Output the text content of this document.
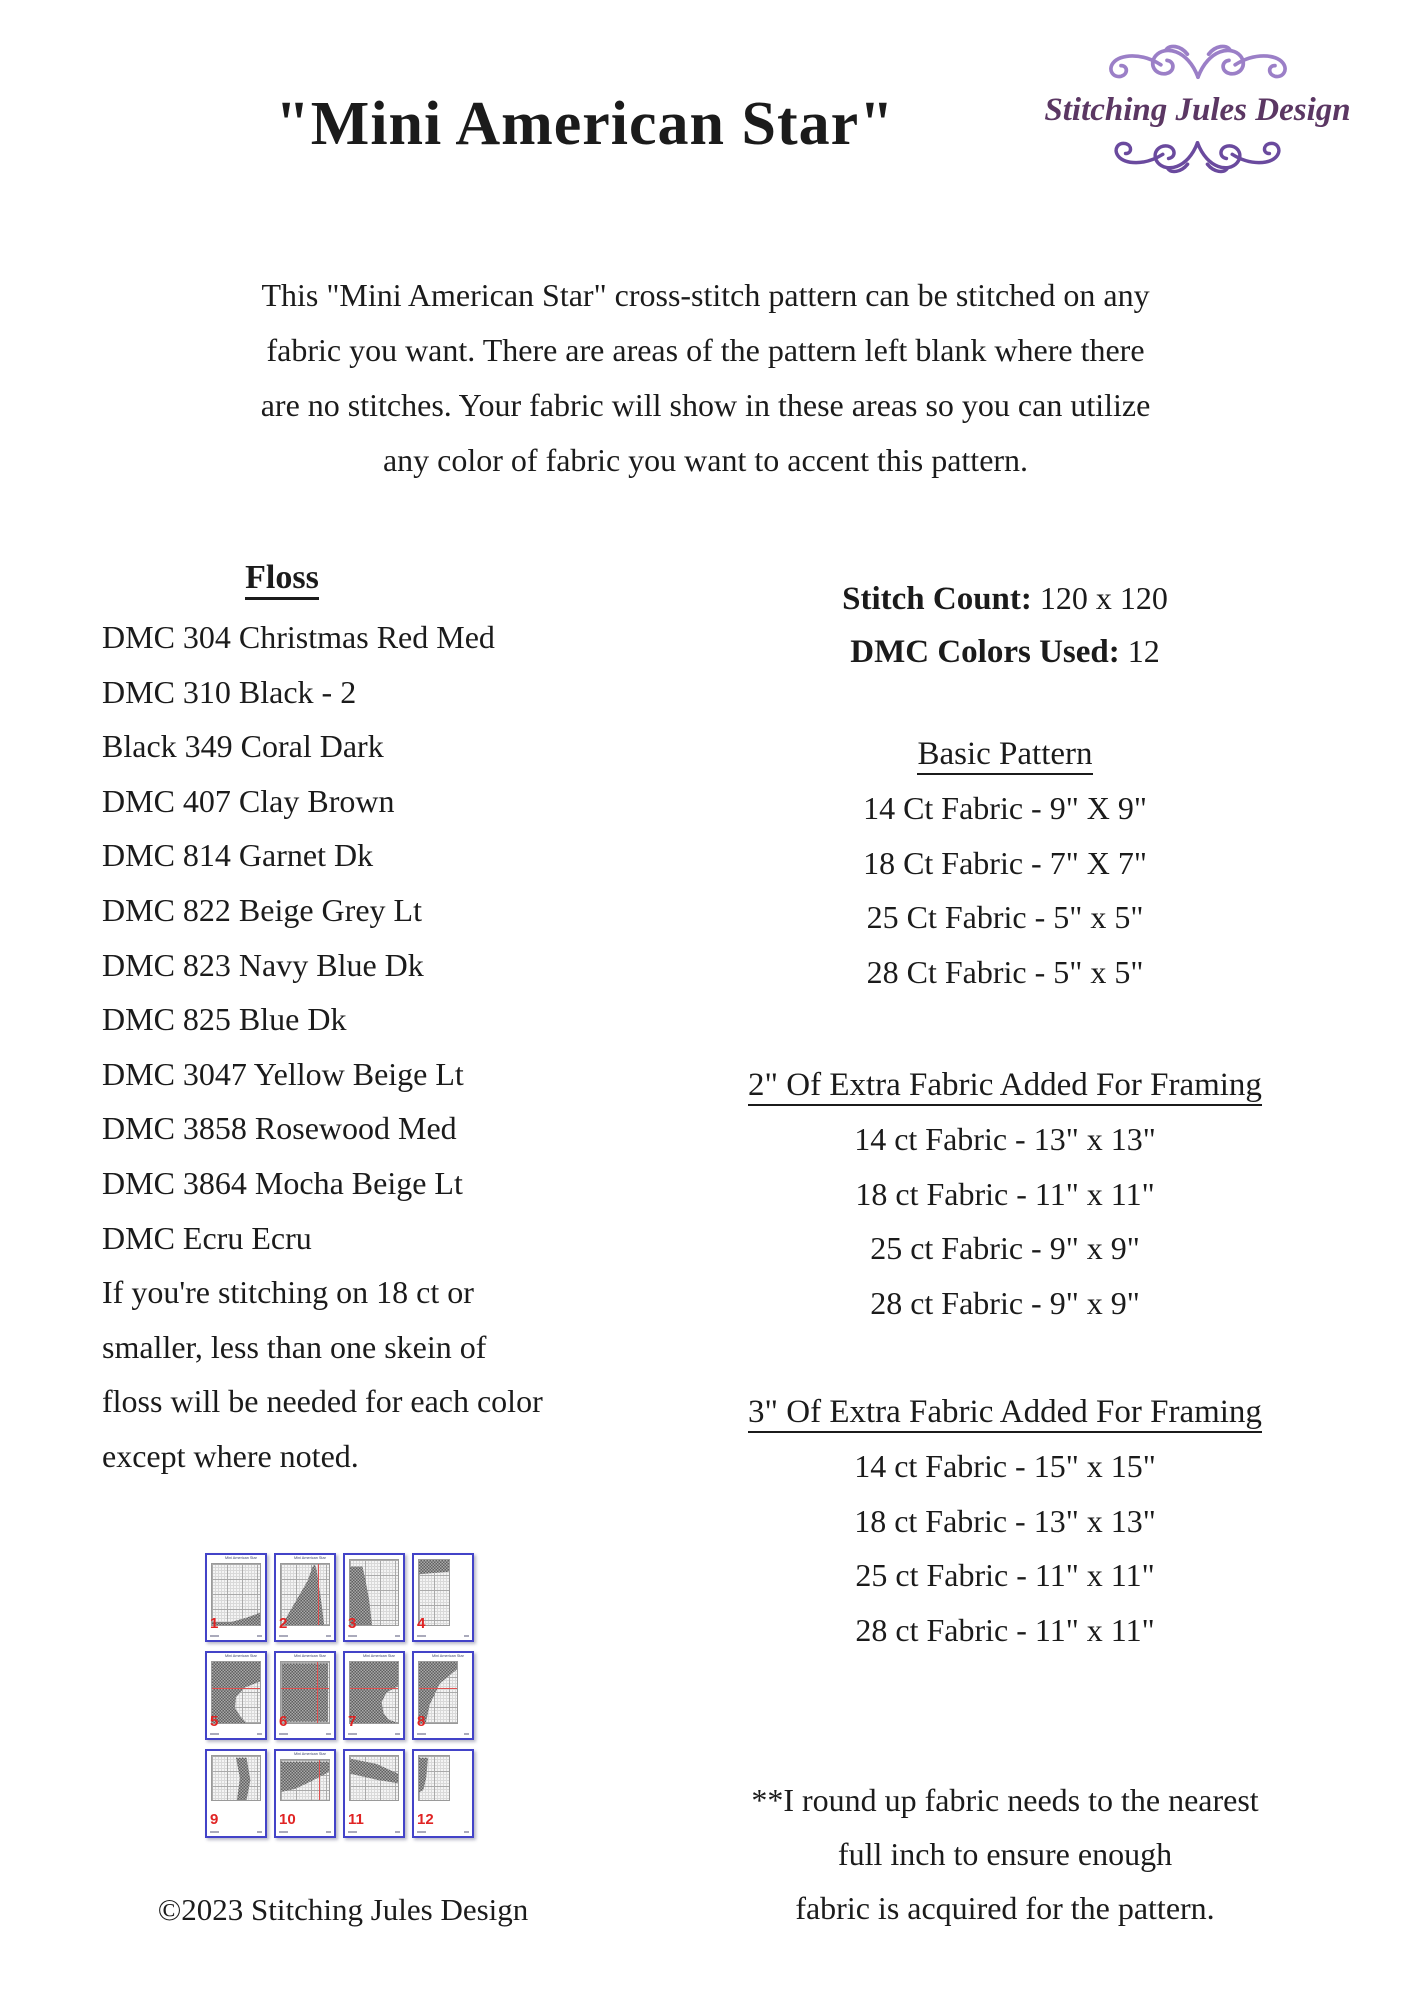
"Mini American Star"	Stitching Jules Design
This "Mini American Star" cross-stitch pattern can be stitched on any
fabric you want. There are areas of the pattern left blank where there
are no stitches. Your fabric will show in these areas so you can utilize
any color of fabric you want to accent this pattern.
Floss
DMC 304 Christmas Red Med
DMC 310 Black - 2
Black 349 Coral Dark
DMC 407 Clay Brown
DMC 814 Garnet Dk
DMC 822 Beige Grey Lt
DMC 823 Navy Blue Dk
DMC 825 Blue Dk
DMC 3047 Yellow Beige Lt
DMC 3858 Rosewood Med
DMC 3864 Mocha Beige Lt
DMC Ecru Ecru
If you're stitching on 18 ct or
smaller, less than one skein of
floss will be needed for each color
except where noted.
Stitch Count: 120 x 120
DMC Colors Used: 12
Basic Pattern
14 Ct Fabric - 9" X 9"
18 Ct Fabric - 7" X 7"
25 Ct Fabric - 5" x 5"
28 Ct Fabric - 5" x 5"
2" Of Extra Fabric Added For Framing
14 ct Fabric - 13" x 13"
18 ct Fabric - 11" x 11"
25 ct Fabric - 9" x 9"
28 ct Fabric - 9" x 9"
3" Of Extra Fabric Added For Framing
14 ct Fabric - 15" x 15"
18 ct Fabric - 13" x 13"
25 ct Fabric - 11" x 11"
28 ct Fabric - 11" x 11"
**I round up fabric needs to the nearest
full inch to ensure enough
fabric is acquired for the pattern.
Mini American Star
1
Mini American Star
2	3	4
Mini American Star
5
Mini American Star
6
Mini American Star
7
Mini American Star
8
9
Mini American Star
10	11	12
©2023 Stitching Jules Design
